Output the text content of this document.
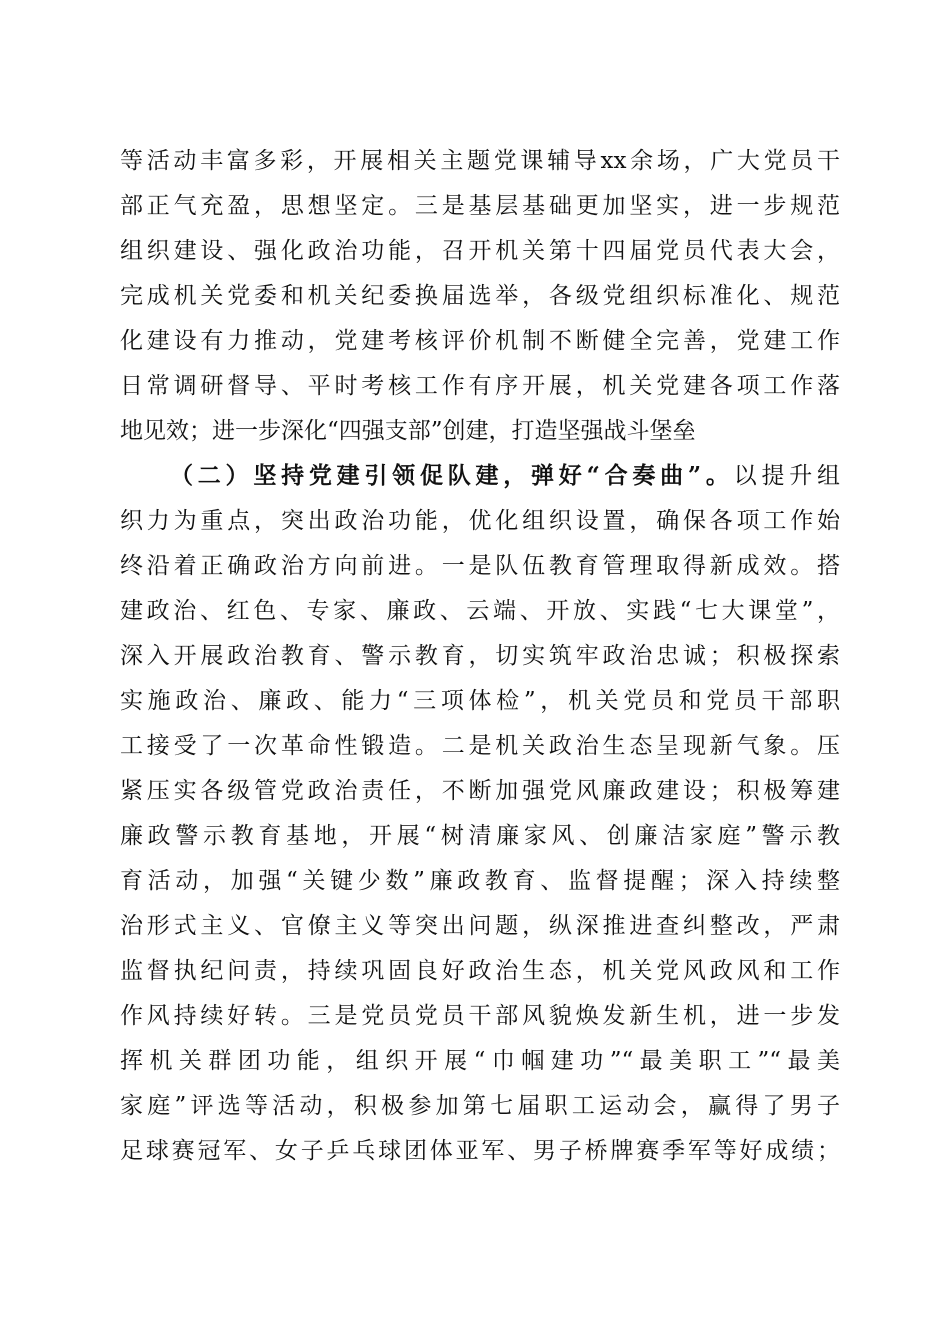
等活动丰富多彩，开展相关主题党课辅导xx余场，广大党员干
部正气充盈，思想坚定。三是基层基础更加坚实，进一步规范
组织建设、强化政治功能，召开机关第十四届党员代表大会，
完成机关党委和机关纪委换届选举，各级党组织标准化、规范
化建设有力推动，党建考核评价机制不断健全完善，党建工作
日常调研督导、平时考核工作有序开展，机关党建各项工作落
地见效；进一步深化“四强支部”创建，打造坚强战斗堡垒
（二）坚持党建引领促队建，弹好“合奏曲”。以提升组
织力为重点，突出政治功能，优化组织设置，确保各项工作始
终沿着正确政治方向前进。一是队伍教育管理取得新成效。搭
建政治、红色、专家、廉政、云端、开放、实践“七大课堂”，
深入开展政治教育、警示教育，切实筑牢政治忠诚；积极探索
实施政治、廉政、能力“三项体检”，机关党员和党员干部职
工接受了一次革命性锻造。二是机关政治生态呈现新气象。压
紧压实各级管党政治责任，不断加强党风廉政建设；积极筹建
廉政警示教育基地，开展“树清廉家风、创廉洁家庭”警示教
育活动，加强“关键少数”廉政教育、监督提醒；深入持续整
治形式主义、官僚主义等突出问题，纵深推进查纠整改，严肃
监督执纪问责，持续巩固良好政治生态，机关党风政风和工作
作风持续好转。三是党员党员干部风貌焕发新生机，进一步发
挥机关群团功能，组织开展“巾帼建功”“最美职工”“最美
家庭”评选等活动，积极参加第七届职工运动会，赢得了男子
足球赛冠军、女子乒乓球团体亚军、男子桥牌赛季军等好成绩；
